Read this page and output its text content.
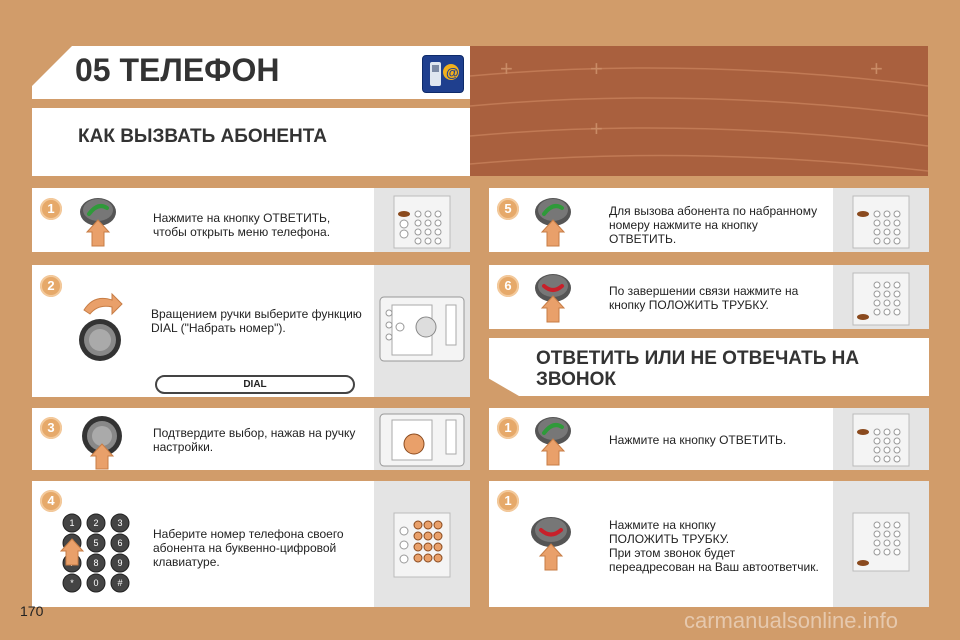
+	+	+
+
05 ТЕЛЕФОН	@
КАК ВЫЗВАТЬ АБОНЕНТА
1
Нажмите на кнопку ОТВЕТИТЬ,
чтобы открыть меню телефона.
2
Вращением ручки выберите функцию
DIAL ("Набрать номер").
DIAL
3	Подтвердите выбор, нажав на ручку
настройки.
4
1 2 3
5 6
8 9
* 0 #
Наберите номер телефона своего
абонента на буквенно-цифровой
клавиатуре.
5	Для вызова абонента по набранному
номеру нажмите на кнопку
ОТВЕТИТЬ.
6	По завершении связи нажмите на
кнопку ПОЛОЖИТЬ ТРУБКУ.
ОТВЕТИТЬ ИЛИ НЕ ОТВЕЧАТЬ НА
ЗВОНОК
1
Нажмите на кнопку ОТВЕТИТЬ.
1
Нажмите на кнопку
ПОЛОЖИТЬ ТРУБКУ.
При этом звонок будет
переадресован на Ваш автоответчик.
170	carmanualsonline.info
